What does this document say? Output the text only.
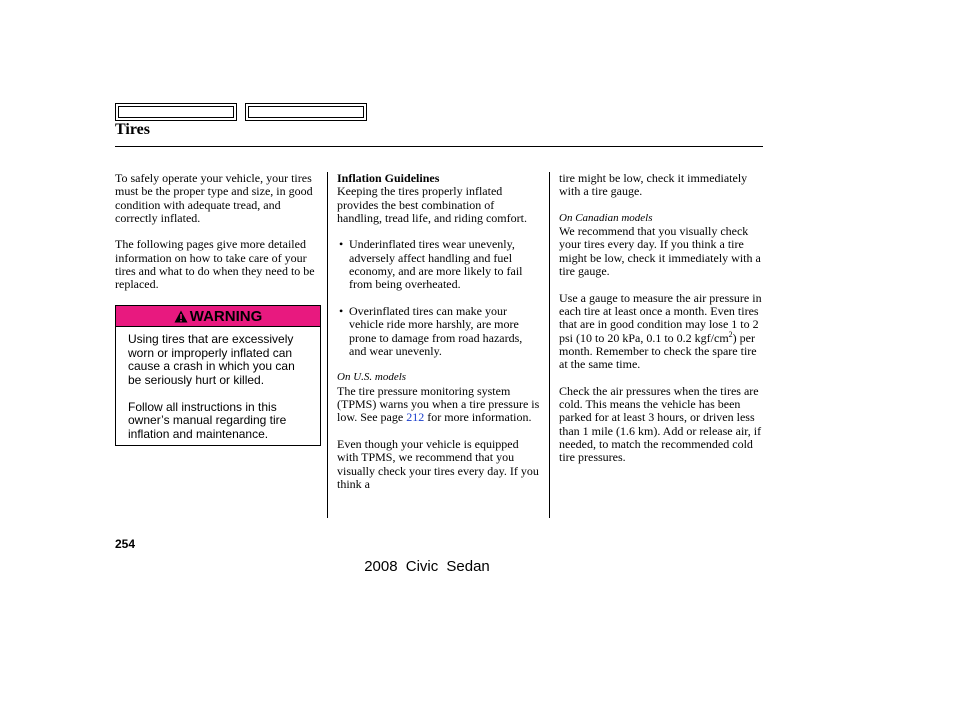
Tires

To safely operate your vehicle, your tires must be the proper type and size, in good condition with adequate tread, and correctly inflated.

The following pages give more detailed information on how to take care of your tires and what to do when they need to be replaced.

WARNING

Using tires that are excessively worn or improperly inflated can cause a crash in which you can be seriously hurt or killed.

Follow all instructions in this owner’s manual regarding tire inflation and maintenance.

Inflation Guidelines

Keeping the tires properly inflated provides the best combination of handling, tread life, and riding comfort.

• Underinflated tires wear unevenly, adversely affect handling and fuel economy, and are more likely to fail from being overheated.
• Overinflated tires can make your vehicle ride more harshly, are more prone to damage from road hazards, and wear unevenly.
On U.S. models

The tire pressure monitoring system (TPMS) warns you when a tire pressure is low. See page 212 for more information.

Even though your vehicle is equipped with TPMS, we recommend that you visually check your tires every day. If you think a

tire might be low, check it immediately with a tire gauge.

On Canadian models

We recommend that you visually check your tires every day. If you think a tire might be low, check it immediately with a tire gauge.

Use a gauge to measure the air pressure in each tire at least once a month. Even tires that are in good condition may lose 1 to 2 psi (10 to 20 kPa, 0.1 to 0.2 kgf/$cm^2$) per month. Remember to check the spare tire at the same time.

Check the air pressures when the tires are cold. This means the vehicle has been parked for at least 3 hours, or driven less than 1 mile (1.6 km). Add or release air, if needed, to match the recommended cold tire pressures.

254
2008 Civic Sedan
